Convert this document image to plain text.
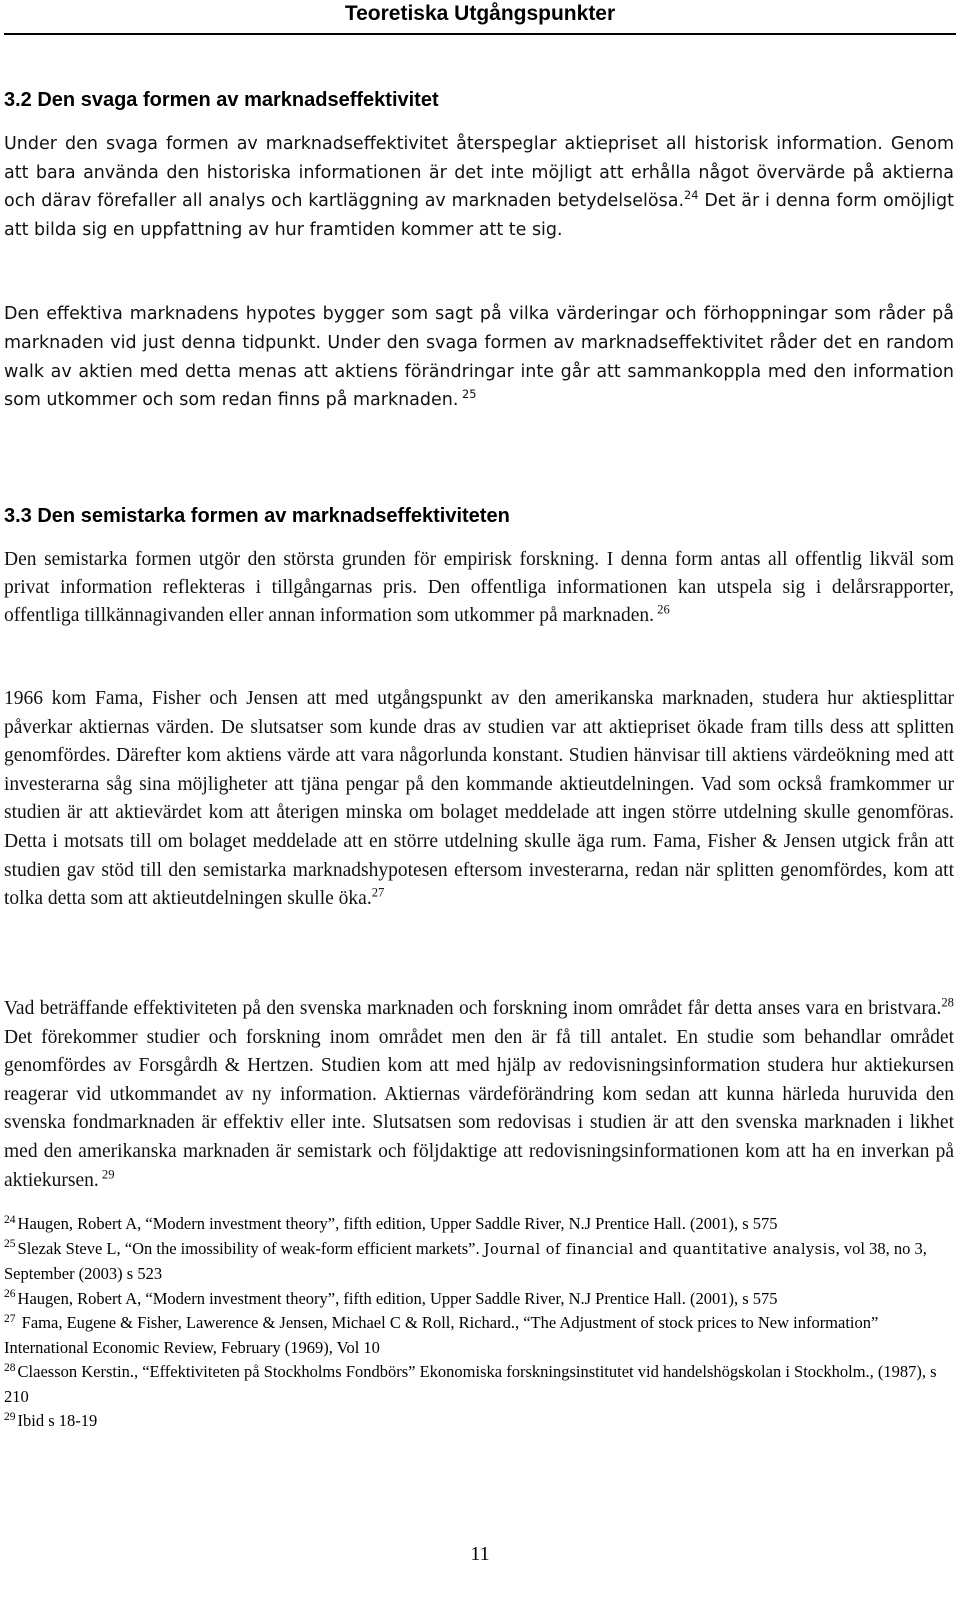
Teoretiska Utgångspunkter
3.2 Den svaga formen av marknadseffektivitet

Under den svaga formen av marknadseffektivitet återspeglar aktiepriset all historisk information. Genom att bara använda den historiska informationen är det inte möjligt att erhålla något övervärde på aktierna och därav förefaller all analys och kartläggning av marknaden betydelselösa.$^{24}$ Det är i denna form omöjligt att bilda sig en uppfattning av hur framtiden kommer att te sig.

Den effektiva marknadens hypotes bygger som sagt på vilka värderingar och förhoppningar som råder på marknaden vid just denna tidpunkt. Under den svaga formen av marknadseffektivitet råder det en random walk av aktien med detta menas att aktiens förändringar inte går att sammankoppla med den information som utkommer och som redan finns på marknaden. $^{25}$

3.3 Den semistarka formen av marknadseffektiviteten

Den semistarka formen utgör den största grunden för empirisk forskning. I denna form antas all offentlig likväl som privat information reflekteras i tillgångarnas pris. Den offentliga informationen kan utspela sig i delårsrapporter, offentliga tillkännagivanden eller annan information som utkommer på marknaden. $^{26}$

1966 kom Fama, Fisher och Jensen att med utgångspunkt av den amerikanska marknaden, studera hur aktiesplittar påverkar aktiernas värden. De slutsatser som kunde dras av studien var att aktiepriset ökade fram tills dess att splitten genomfördes. Därefter kom aktiens värde att vara någorlunda konstant. Studien hänvisar till aktiens värdeökning med att investerarna såg sina möjligheter att tjäna pengar på den kommande aktieutdelningen. Vad som också framkommer ur studien är att aktievärdet kom att återigen minska om bolaget meddelade att ingen större utdelning skulle genomföras. Detta i motsats till om bolaget meddelade att en större utdelning skulle äga rum. Fama, Fisher & Jensen utgick från att studien gav stöd till den semistarka marknadshypotesen eftersom investerarna, redan när splitten genomfördes, kom att tolka detta som att aktieutdelningen skulle öka.$^{27}$

Vad beträffande effektiviteten på den svenska marknaden och forskning inom området får detta anses vara en bristvara.$^{28}$ Det förekommer studier och forskning inom området men den är få till antalet. En studie som behandlar området genomfördes av Forsgårdh & Hertzen. Studien kom att med hjälp av redovisningsinformation studera hur aktiekursen reagerar vid utkommandet av ny information. Aktiernas värdeförändring kom sedan att kunna härleda huruvida den svenska fondmarknaden är effektiv eller inte. Slutsatsen som redovisas i studien är att den svenska marknaden i likhet med den amerikanska marknaden är semistark och följdaktige att redovisningsinformationen kom att ha en inverkan på aktiekursen. $^{29}$

$^{24}$ Haugen, Robert A, “Modern investment theory”, fifth edition, Upper Saddle River, N.J Prentice Hall. (2001), s 575

$^{25}$ Slezak Steve L, “On the imossibility of weak-form efficient markets”. Journal of financial and quantitative analysis, vol 38, no 3, September (2003) s 523

$^{26}$ Haugen, Robert A, “Modern investment theory”, fifth edition, Upper Saddle River, N.J Prentice Hall. (2001), s 575

$^{27}$ Fama, Eugene & Fisher, Lawerence & Jensen, Michael C & Roll, Richard., “The Adjustment of stock prices to New information” International Economic Review, February (1969), Vol 10

$^{28}$ Claesson Kerstin., “Effektiviteten på Stockholms Fondbörs” Ekonomiska forskningsinstitutet vid handelshögskolan i Stockholm., (1987), s 210

$^{29}$ Ibid s 18-19

11
